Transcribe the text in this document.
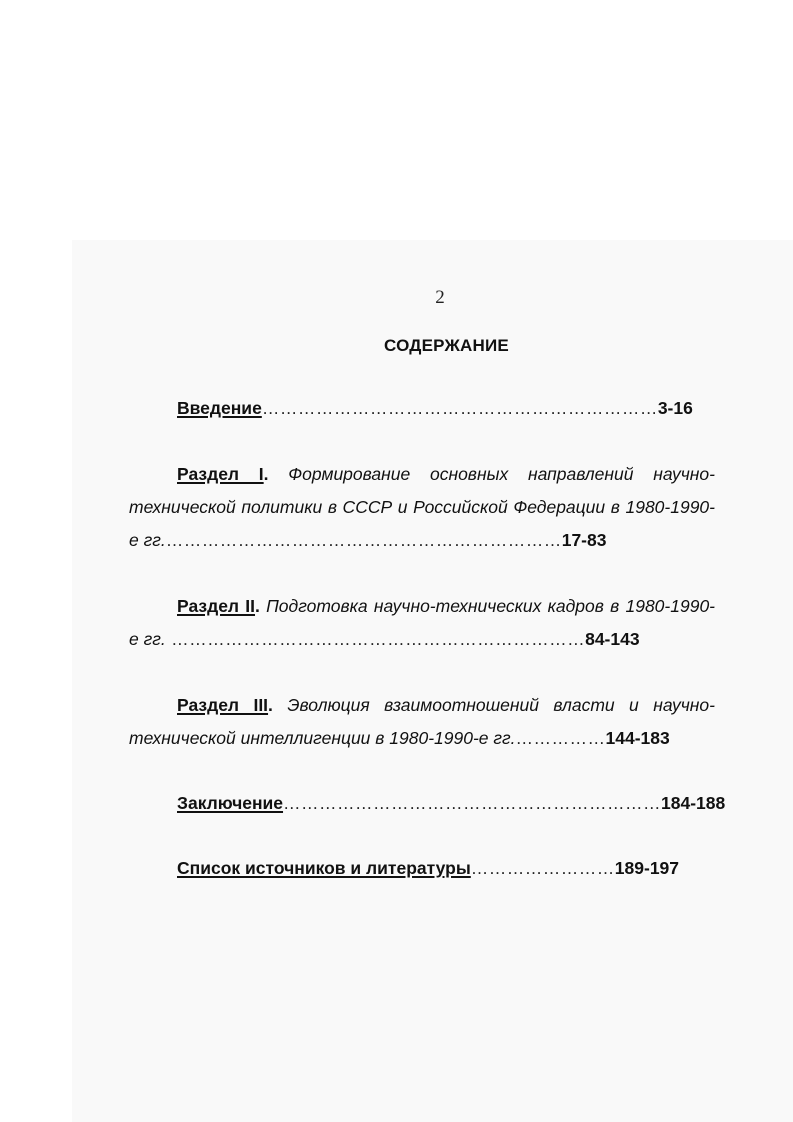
2
СОДЕРЖАНИЕ

Введение…………………………………………………………3-16

Раздел I. Формирование основных направлений научно-технической политики в СССР и Российской Федерации в 1980-1990-е гг.…………………………………………………………17-83

Раздел II. Подготовка научно-технических кадров в 1980-1990-е гг. ……………………………………………………………84-143

Раздел III. Эволюция взаимоотношений власти и научно-технической интеллигенции в 1980-1990-е гг.……………144-183

Заключение………………………………………………………184-188

Список источников и литературы……………………189-197
